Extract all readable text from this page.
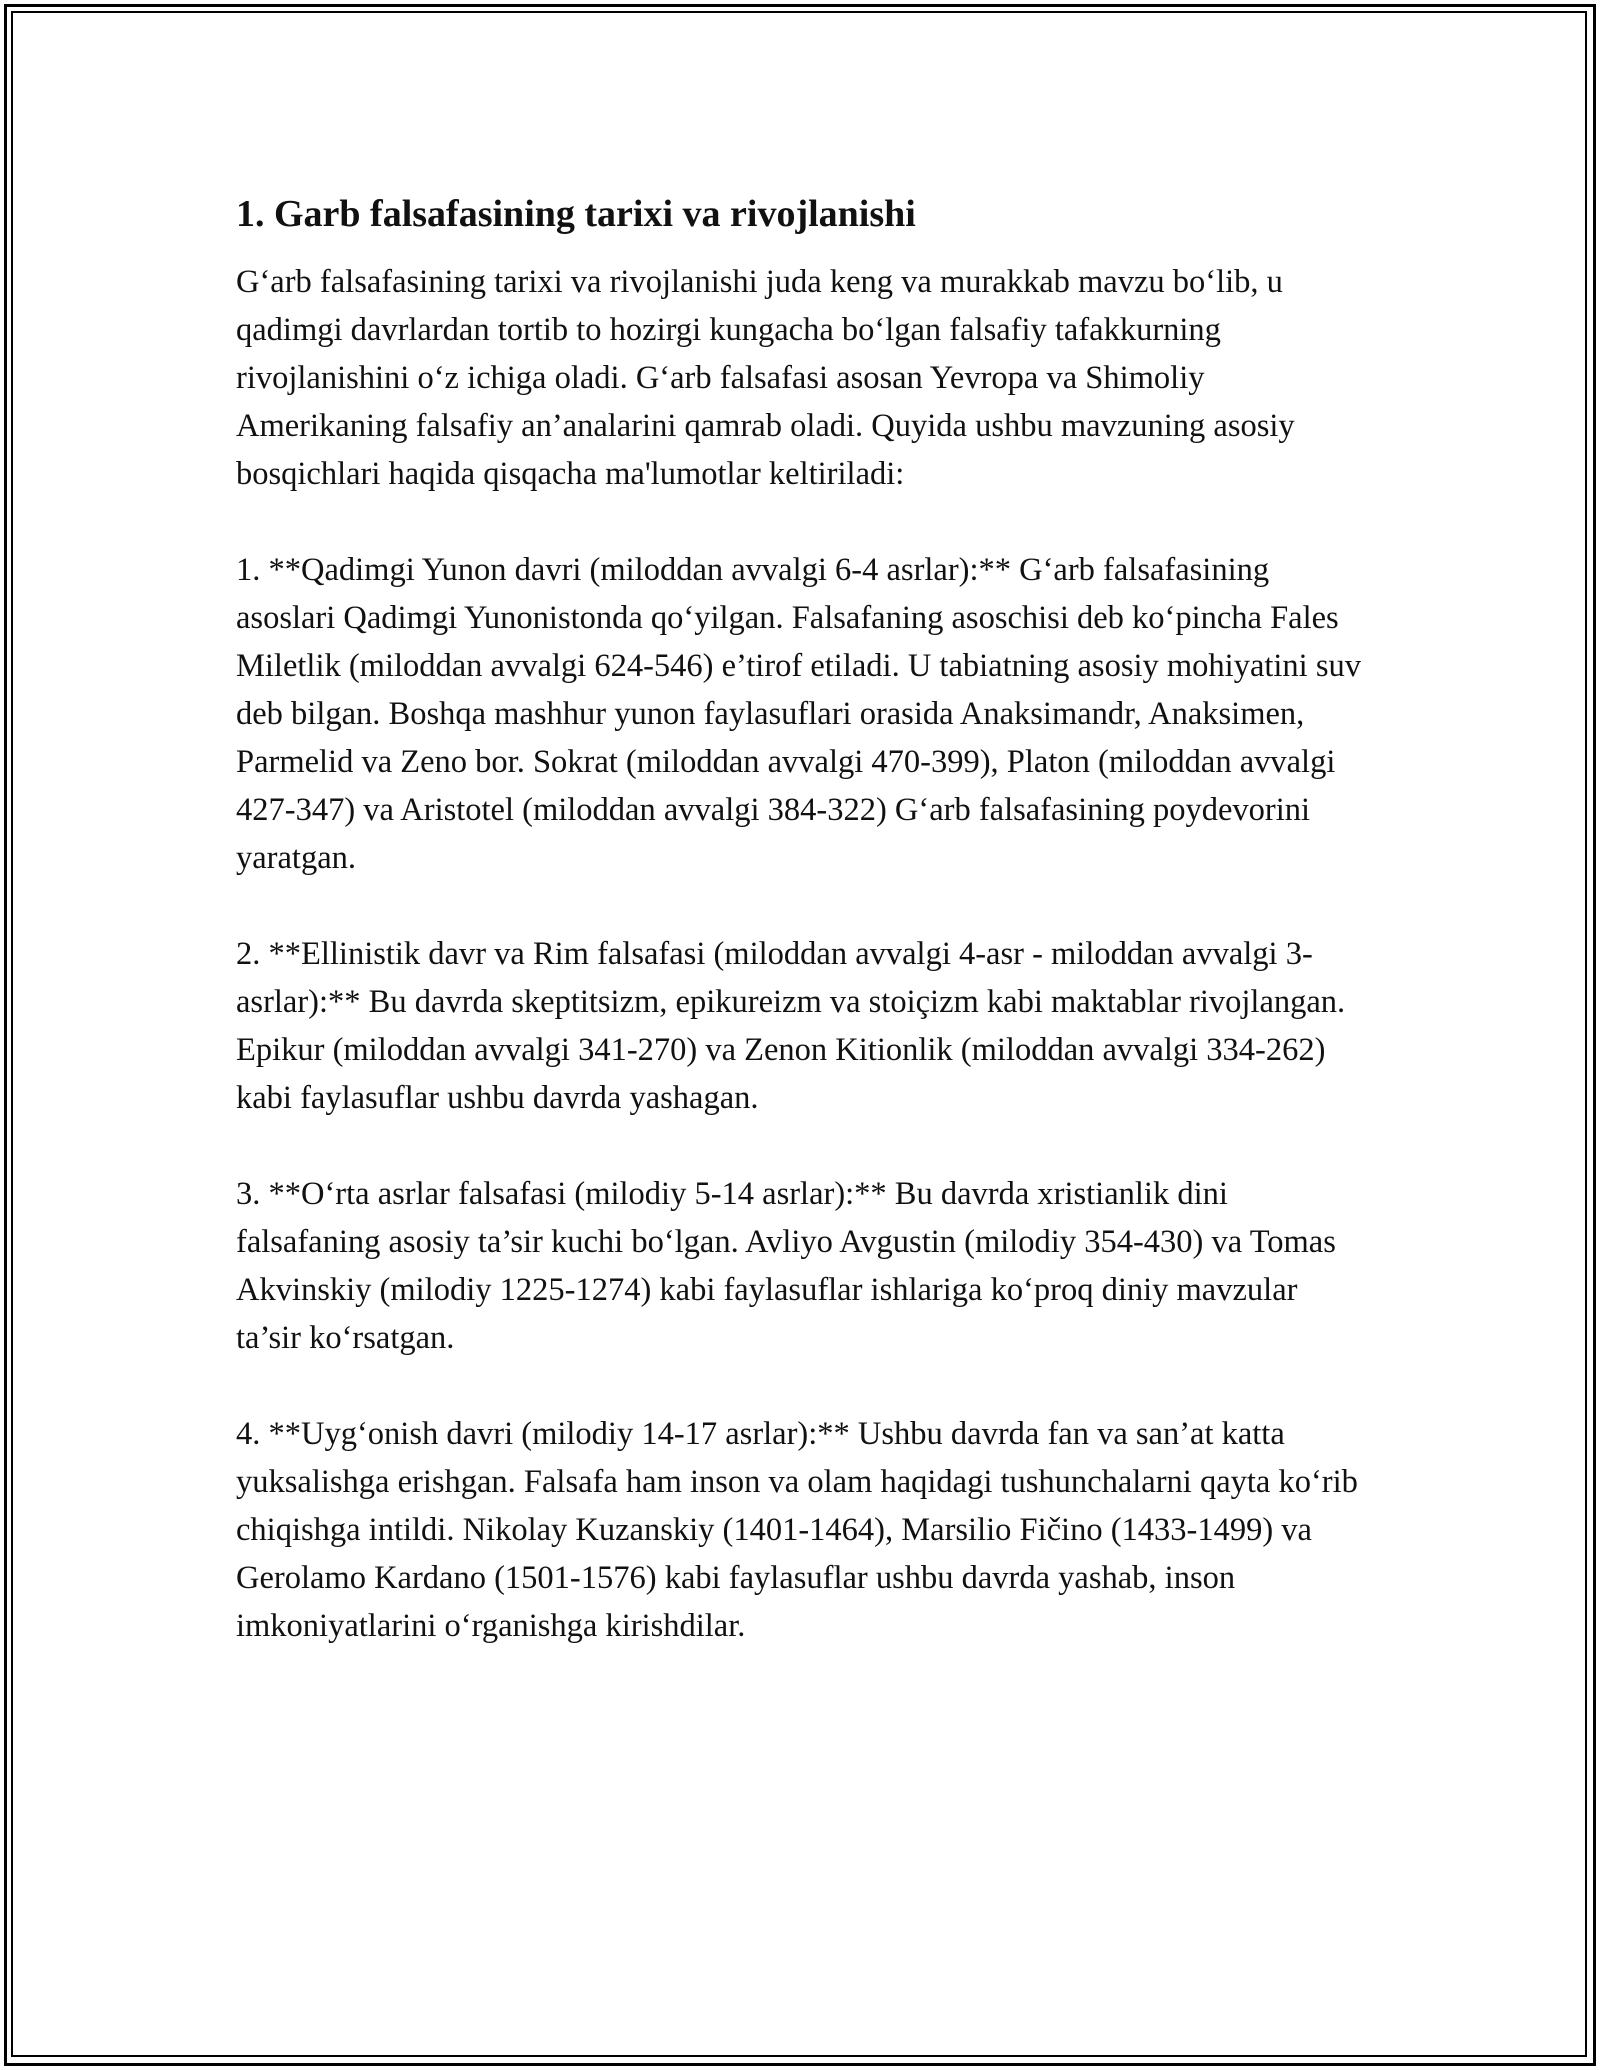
1. Garb falsafasining tarixi va rivojlanishi

G‘arb falsafasining tarixi va rivojlanishi juda keng va murakkab mavzu bo‘lib, u qadimgi davrlardan tortib to hozirgi kungacha bo‘lgan falsafiy tafakkurning rivojlanishini o‘z ichiga oladi. G‘arb falsafasi asosan Yevropa va Shimoliy Amerikaning falsafiy an’analarini qamrab oladi. Quyida ushbu mavzuning asosiy bosqichlari haqida qisqacha ma'lumotlar keltiriladi:

1. **Qadimgi Yunon davri (miloddan avvalgi 6-4 asrlar):** G‘arb falsafasining asoslari Qadimgi Yunonistonda qo‘yilgan. Falsafaning asoschisi deb ko‘pincha Fales Miletlik (miloddan avvalgi 624-546) e’tirof etiladi. U tabiatning asosiy mohiyatini suv deb bilgan. Boshqa mashhur yunon faylasuflari orasida Anaksimandr, Anaksimen, Parmelid va Zeno bor. Sokrat (miloddan avvalgi 470-399), Platon (miloddan avvalgi 427-347) va Aristotel (miloddan avvalgi 384-322) G‘arb falsafasining poydevorini yaratgan.

2. **Ellinistik davr va Rim falsafasi (miloddan avvalgi 4-asr - miloddan avvalgi 3-asrlar):** Bu davrda skeptitsizm, epikureizm va stoiçizm kabi maktablar rivojlangan. Epikur (miloddan avvalgi 341-270) va Zenon Kitionlik (miloddan avvalgi 334-262) kabi faylasuflar ushbu davrda yashagan.

3. **O‘rta asrlar falsafasi (milodiy 5-14 asrlar):** Bu davrda xristianlik dini falsafaning asosiy ta’sir kuchi bo‘lgan. Avliyo Avgustin (milodiy 354-430) va Tomas Akvinskiy (milodiy 1225-1274) kabi faylasuflar ishlariga ko‘proq diniy mavzular ta’sir ko‘rsatgan.

4. **Uyg‘onish davri (milodiy 14-17 asrlar):** Ushbu davrda fan va san’at katta yuksalishga erishgan. Falsafa ham inson va olam haqidagi tushunchalarni qayta ko‘rib chiqishga intildi. Nikolay Kuzanskiy (1401-1464), Marsilio Fičino (1433-1499) va Gerolamo Kardano (1501-1576) kabi faylasuflar ushbu davrda yashab, inson imkoniyatlarini o‘rganishga kirishdilar.
